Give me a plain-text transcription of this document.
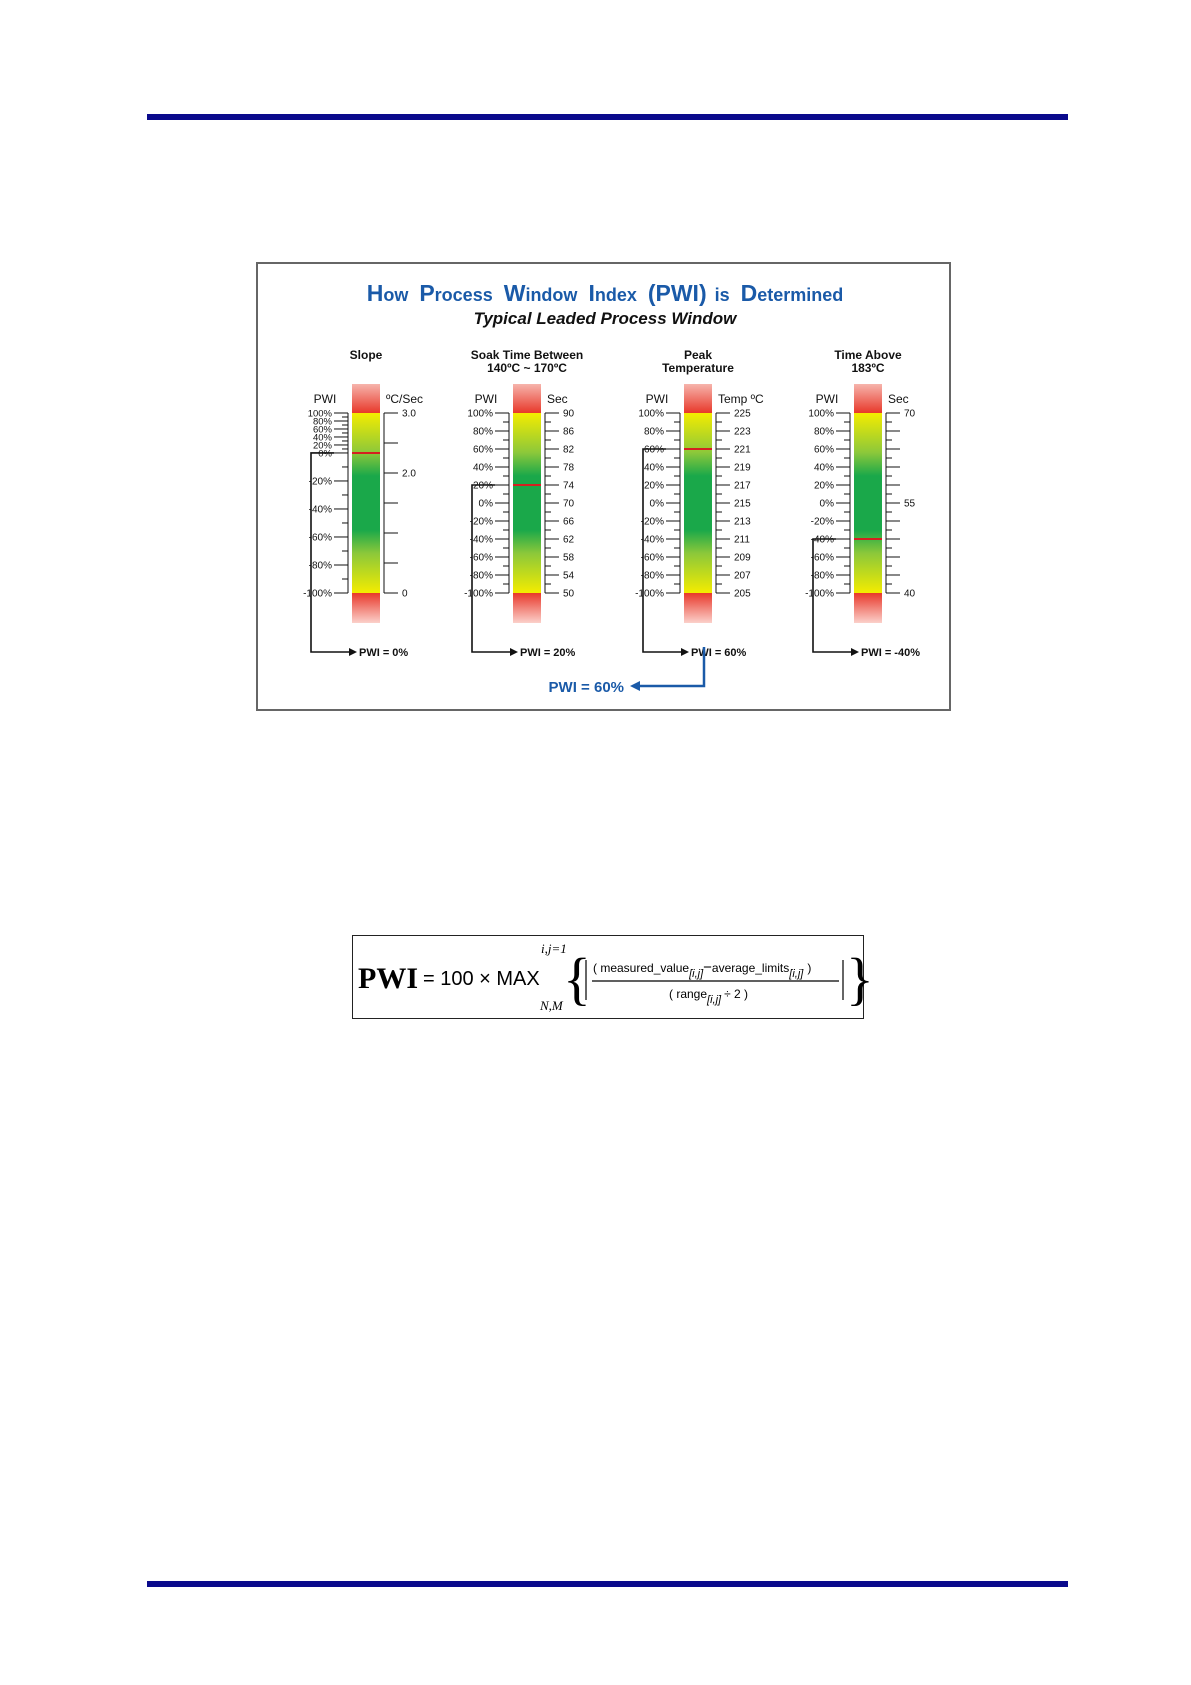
How Process Window Index (PWI) is Determined
Typical Leaded Process Window
Slope
PWI	ºC/Sec
100%
80%
60%
40%
20%
0%
-20%
-40%
-60%
-80%
-100%
3.0
2.0
0
PWI = 0%
Soak Time Between
140ºC ~ 170ºC
PWI	Sec
100%
80%
60%
40%
20%
0%
-20%
-40%
-60%
-80%
-100%
90
86
82
78
74
70
66
62
58
54
50
PWI = 20%
Peak
Temperature
PWI	Temp ºC
100%
80%
60%
40%
20%
0%
-20%
-40%
-60%
-80%
-100%
225
223
221
219
217
215
213
211
209
207
205
PWI = 60%
Time Above
183ºC
PWI	Sec
100%
80%
60%
40%
20%
0%
-20%
-40%
-60%
-80%
-100%
70
55
40
PWI = -40%
PWI = 60%
PWI = 100 × MAX
i,j=1
N,M { ( measured_value[i,j]−average_limits[i,j] )
( range[i,j] ÷ 2 ) }
